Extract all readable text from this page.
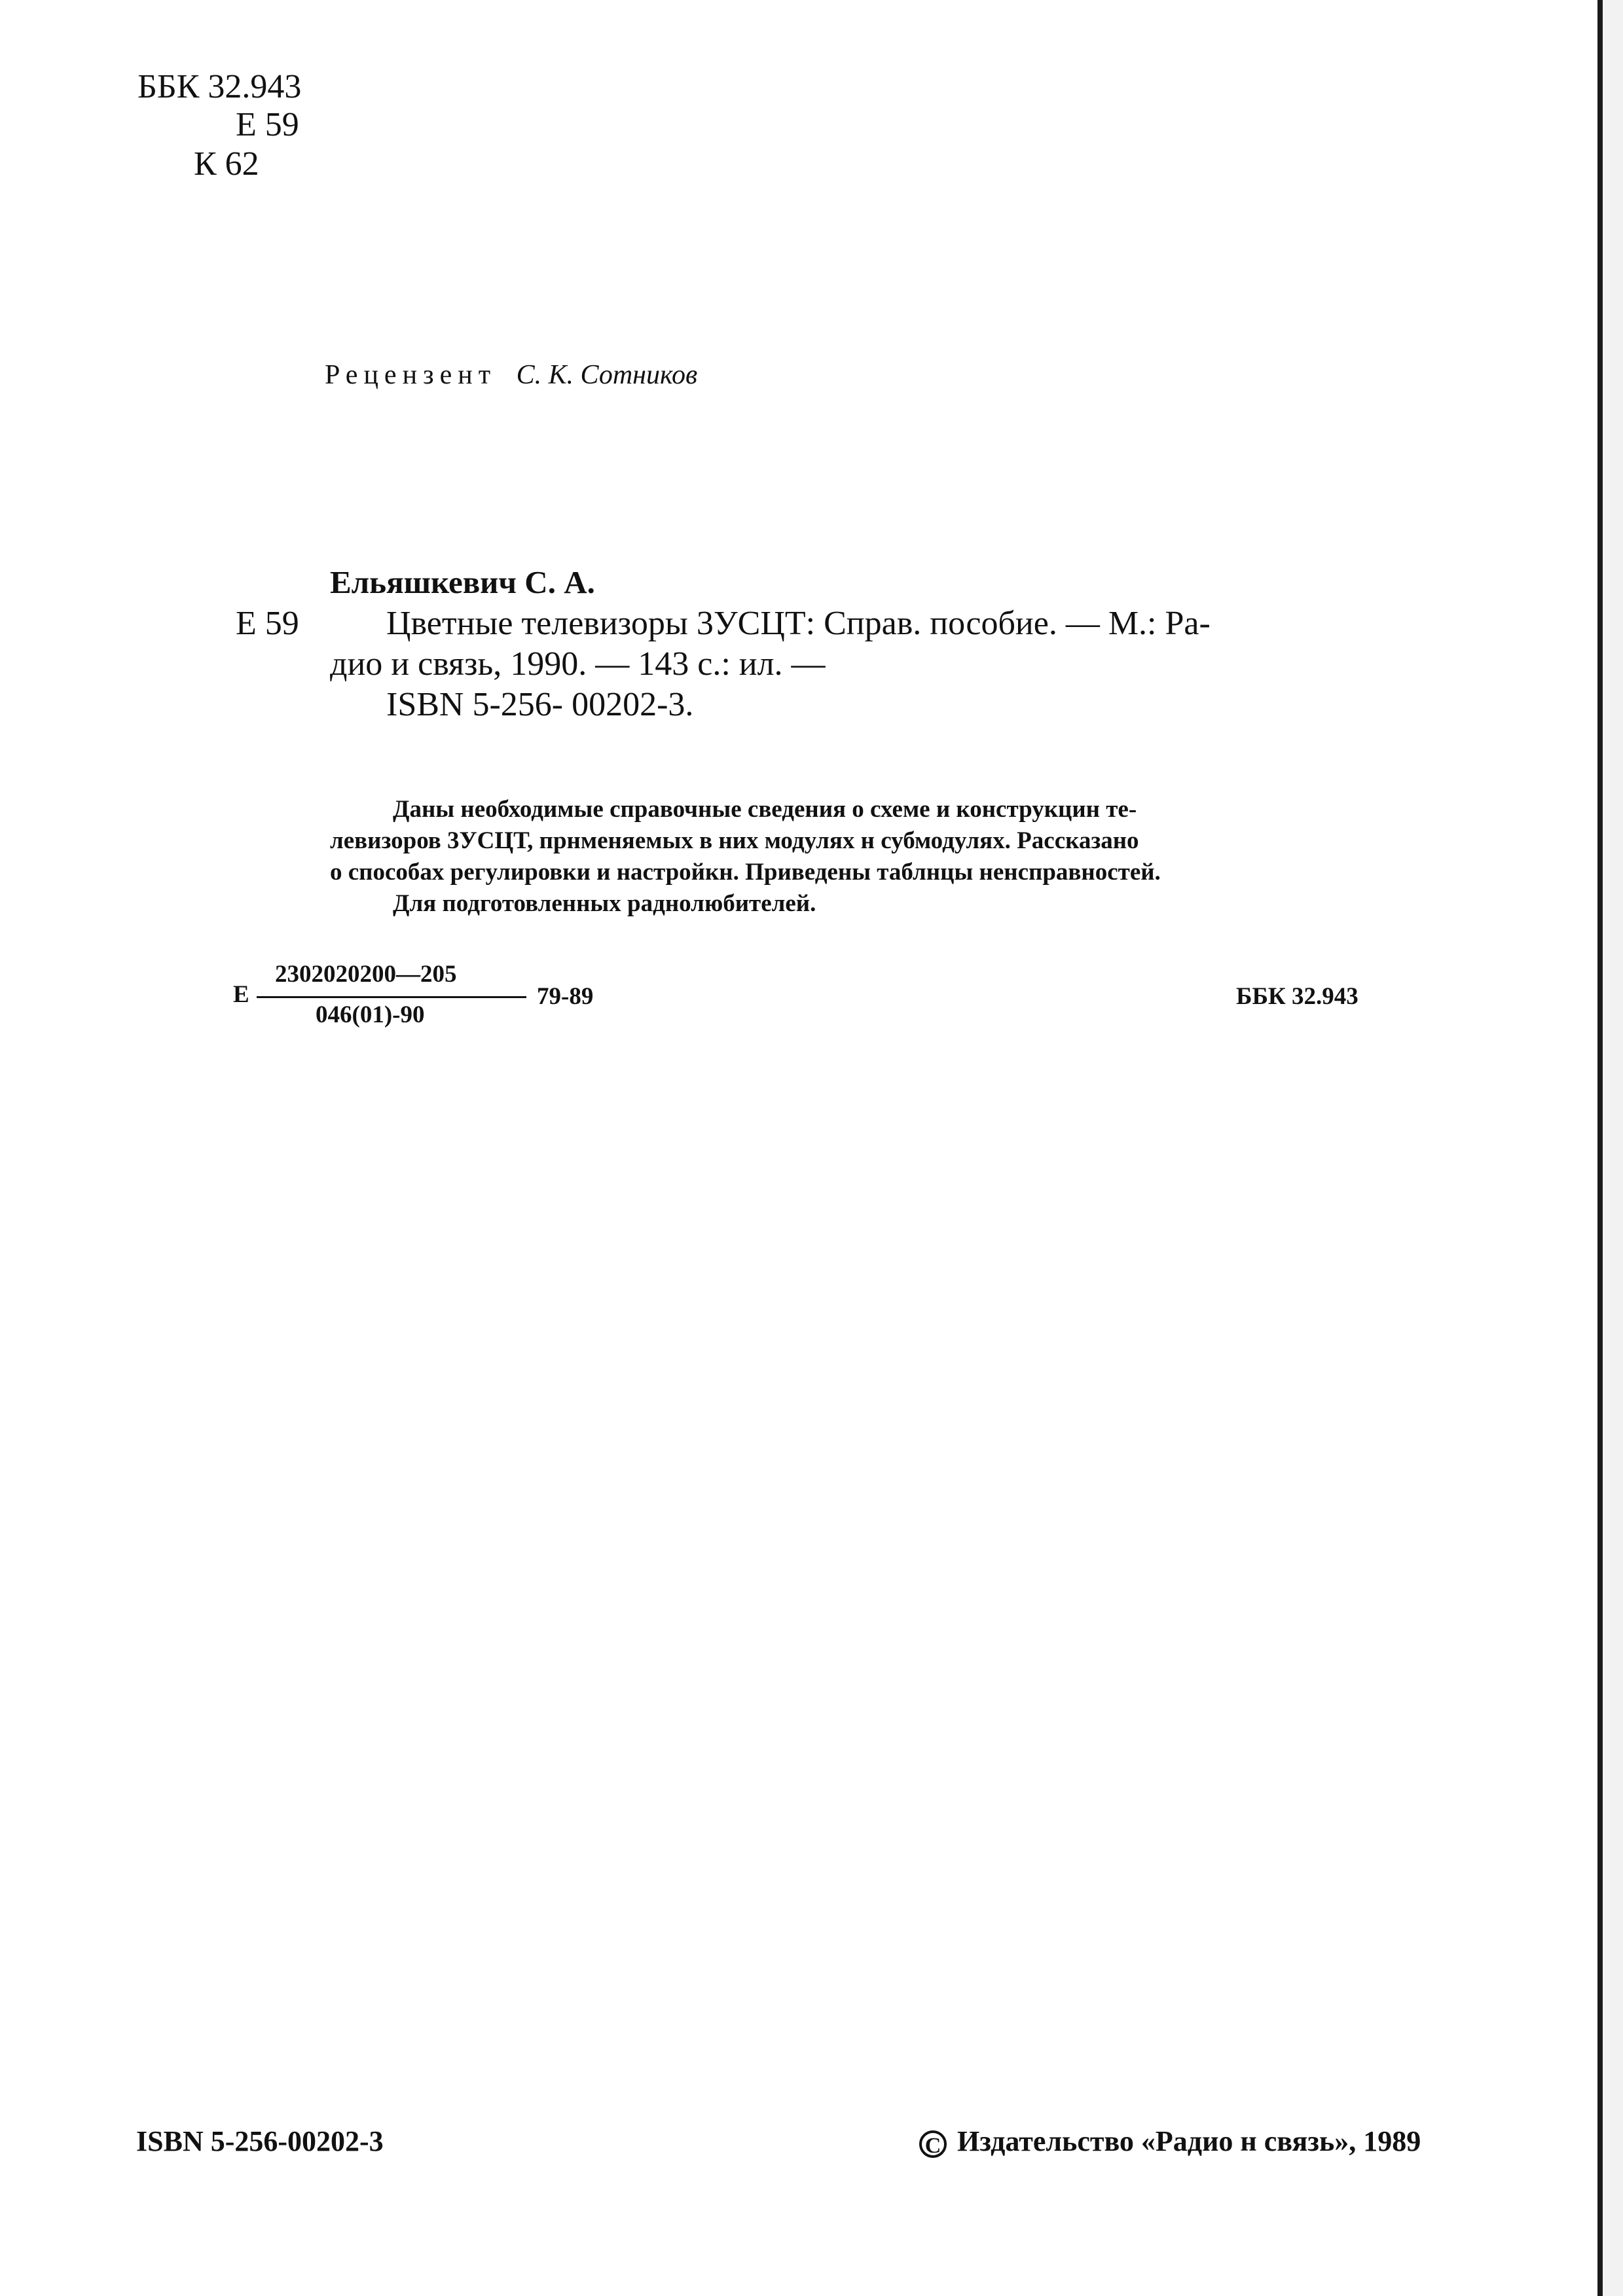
ББК 32.943
Е 59
К 62
Рецензент С. К. Сотников
Ельяшкевич С. А.
Е 59	Цветные телевизоры 3УСЦТ: Справ. пособие. — М.: Ра-
дио и связь, 1990. — 143 с.: ил. —
ISBN 5-256- 00202-3.
Даны необходимые справочные сведения о схеме и конструкцин те-
левизоров 3УСЦТ, прнменяемых в них модулях н субмодулях. Рассказано
о способах регулировки и настройкн. Приведены таблнцы ненсправностей.
Для подготовленных раднолюбителей.
Е
2302020200—205
046(01)-90
79-89	ББК 32.943
ISBN 5-256-00202-3	C Издательство «Радио н связь», 1989
